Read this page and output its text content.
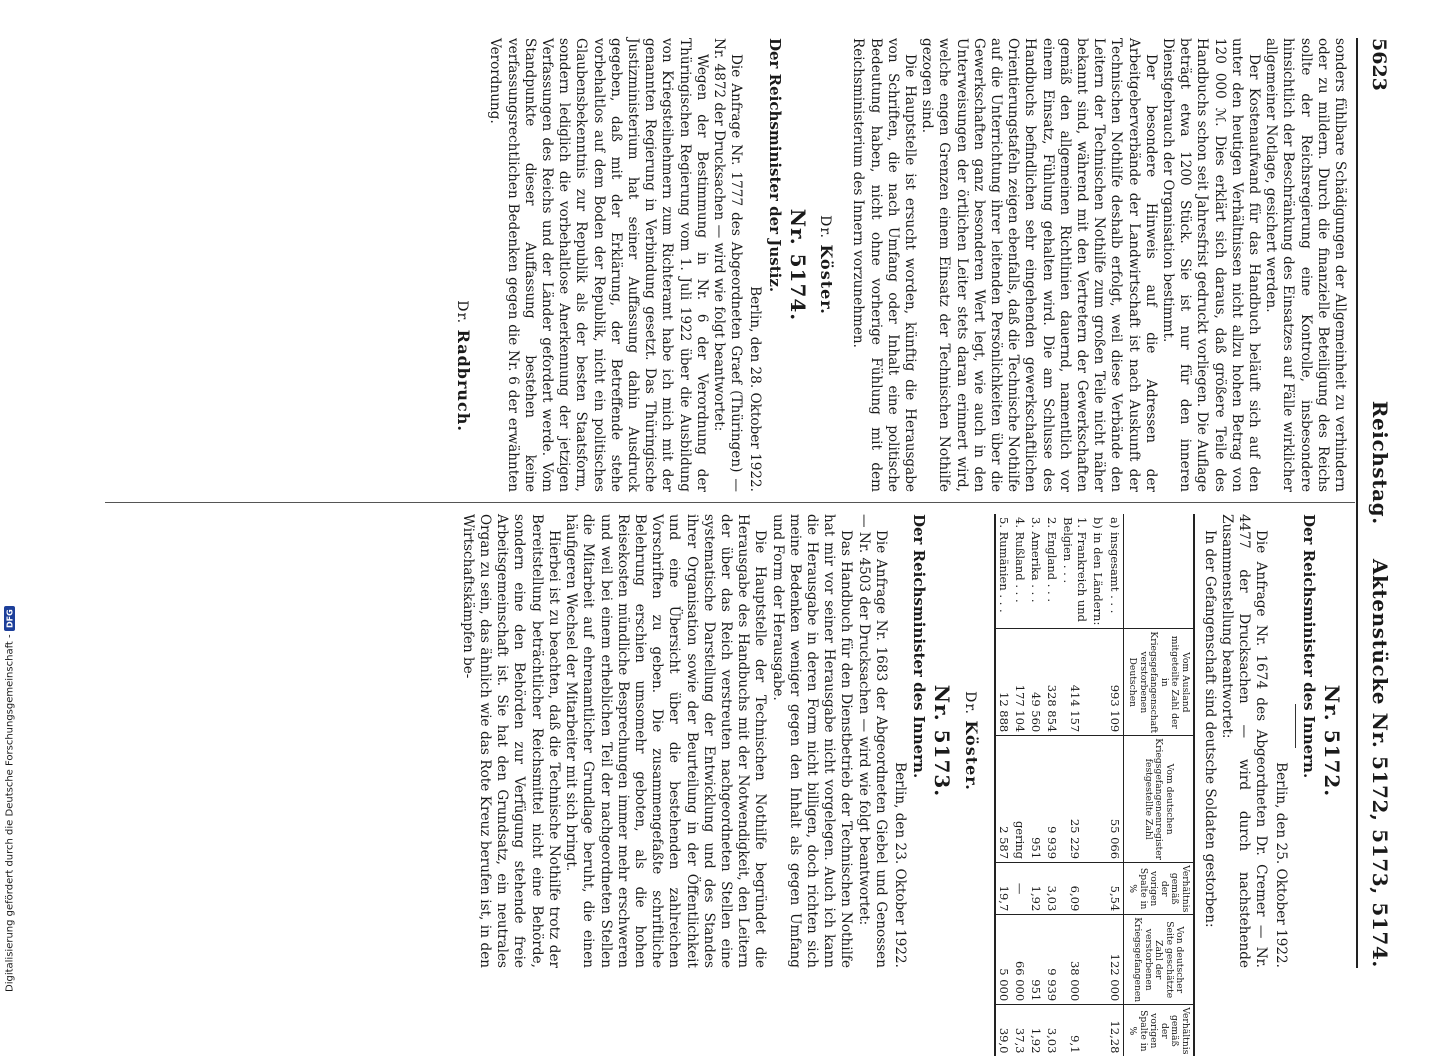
Digitalisierung gefördert durch die Deutsche Forschungsgemeinschaft -
DFG
5623
Reichstag.Aktenstücke Nr. 5172, 5173, 5174.
Nr. 5172.

Der Reichsminister des Innern.

Berlin, den 25. Oktober 1922.

Die Anfrage Nr. 1674 des Abgeordneten Dr. Cremer — Nr. 4477 der Drucksachen — wird durch nachstehende Zusammenstellung beantwortet:

In der Gefangenschaft sind deutsche Soldaten gestorben:

	Vom Ausland mitgeteilte Zahl der in Kriegsgefangenschaft verstorbenen Deutschen	Vom deutschen Kriegsgefangenenregister festgestellte Zahl	Verhältnis gemäß der vorigen Spalte in %	Von deutscher Seite geschätzte Zahl der verstorbenen Kriegsgefangenen	Verhältnis gemäß der vorigen Spalte in %
a) insgesamt . . .	993 109	55 066	5,54	122 000	12,28
b) in den Ländern:					
1. Frankreich und Belgien . . .	414 157	25 229	6,09	38 000	9,1
2. England . . .	328 854	9 939	3,03	9 939	3,03
3. Amerika . . .	49 560	951	1,92	951	1,92
4. Rußland . . .	177 104	gering	—	66 000	37,3
5. Rumänien . . .	12 888	2 587	19,7	5 000	39,0
Dr. Köster.
Nr. 5173.

Der Reichsminister des Innern.

Berlin, den 23. Oktober 1922.

Die Anfrage Nr. 1683 der Abgeordneten Giebel und Genossen — Nr. 4503 der Drucksachen — wird wie folgt beantwortet:

Das Handbuch für den Dienstbetrieb der Technischen Nothilfe hat mir vor seiner Herausgabe nicht vorgelegen. Auch ich kann die Herausgabe in deren Form nicht billigen, doch richten sich meine Bedenken weniger gegen den Inhalt als gegen Umfang und Form der Herausgabe.

Die Hauptstelle der Technischen Nothilfe begründet die Herausgabe des Handbuchs mit der Notwendigkeit, den Leitern der über das Reich verstreuten nachgeordneten Stellen eine systematische Darstellung der Entwicklung und des Standes ihrer Organisation sowie der Beurteilung in der Öffentlichkeit und eine Übersicht über die bestehenden zahlreichen Vorschriften zu geben. Die zusammengefaßte schriftliche Belehrung erschien umsomehr geboten, als die hohen Reisekosten mündliche Besprechungen immer mehr erschweren und weil bei einem erheblichen Teil der nachgeordneten Stellen die Mitarbeit auf ehrenamtlicher Grundlage beruht, die einen häufigeren Wechsel der Mitarbeiter mit sich bringt.

Hierbei ist zu beachten, daß die Technische Nothilfe trotz der Bereitstellung beträchtlicher Reichsmittel nicht eine Behörde, sondern eine den Behörden zur Verfügung stehende freie Arbeitsgemeinschaft ist. Sie hat den Grundsatz, ein neutrales Organ zu sein, das ähnlich wie das Rote Kreuz berufen ist, in den Wirtschaftskämpfen be-

sonders fühlbare Schädigungen der Allgemeinheit zu verhindern oder zu mildern. Durch die finanzielle Beteiligung des Reichs sollte der Reichsregierung eine Kontrolle, insbesondere hinsichtlich der Beschränkung des Einsatzes auf Fälle wirklicher allgemeiner Notlage, gesichert werden.

Der Kostenaufwand für das Handbuch beläuft sich auf den unter den heutigen Verhältnissen nicht allzu hohen Betrag von 120 000 ℳ. Dies erklärt sich daraus, daß größere Teile des Handbuchs schon seit Jahresfrist gedruckt vorliegen. Die Auflage beträgt etwa 1200 Stück. Sie ist nur für den inneren Dienstgebrauch der Organisation bestimmt.

Der besondere Hinweis auf die Adressen der Arbeitgeberverbände der Landwirtschaft ist nach Auskunft der Technischen Nothilfe deshalb erfolgt, weil diese Verbände den Leitern der Technischen Nothilfe zum großen Teile nicht näher bekannt sind, während mit den Vertretern der Gewerkschaften gemäß den allgemeinen Richtlinien dauernd, namentlich vor einem Einsatz, Fühlung gehalten wird. Die am Schlusse des Handbuchs befindlichen sehr eingehenden gewerkschaftlichen Orientierungstafeln zeigen ebenfalls, daß die Technische Nothilfe auf die Unterrichtung ihrer leitenden Persönlichkeiten über die Gewerkschaften ganz besonderen Wert legt, wie auch in den Unterweisungen der örtlichen Leiter stets daran erinnert wird, welche engen Grenzen einem Einsatz der Technischen Nothilfe gezogen sind.

Die Hauptstelle ist ersucht worden, künftig die Herausgabe von Schriften, die nach Umfang oder Inhalt eine politische Bedeutung haben, nicht ohne vorherige Fühlung mit dem Reichsministerium des Innern vorzunehmen.

Dr. Köster.
Nr. 5174.

Der Reichsminister der Justiz.

Berlin, den 28. Oktober 1922.

Die Anfrage Nr. 1777 des Abgeordneten Graef (Thüringen) — Nr. 4872 der Drucksachen — wird wie folgt beantwortet:

Wegen der Bestimmung in Nr. 6 der Verordnung der Thüringischen Regierung vom 1. Juli 1922 über die Ausbildung von Kriegsteilnehmern zum Richteramt habe ich mich mit der genannten Regierung in Verbindung gesetzt. Das Thüringische Justizministerium hat seiner Auffassung dahin Ausdruck gegeben, daß mit der Erklärung, der Betreffende stehe vorbehaltlos auf dem Boden der Republik, nicht ein politisches Glaubensbekenntnis zur Republik als der besten Staatsform, sondern lediglich die vorbehaltlose Anerkennung der jetzigen Verfassungen des Reichs und der Länder gefordert werde. Vom Standpunkte dieser Auffassung bestehen keine verfassungsrechtlichen Bedenken gegen die Nr. 6 der erwähnten Verordnung.

Dr. Radbruch.
